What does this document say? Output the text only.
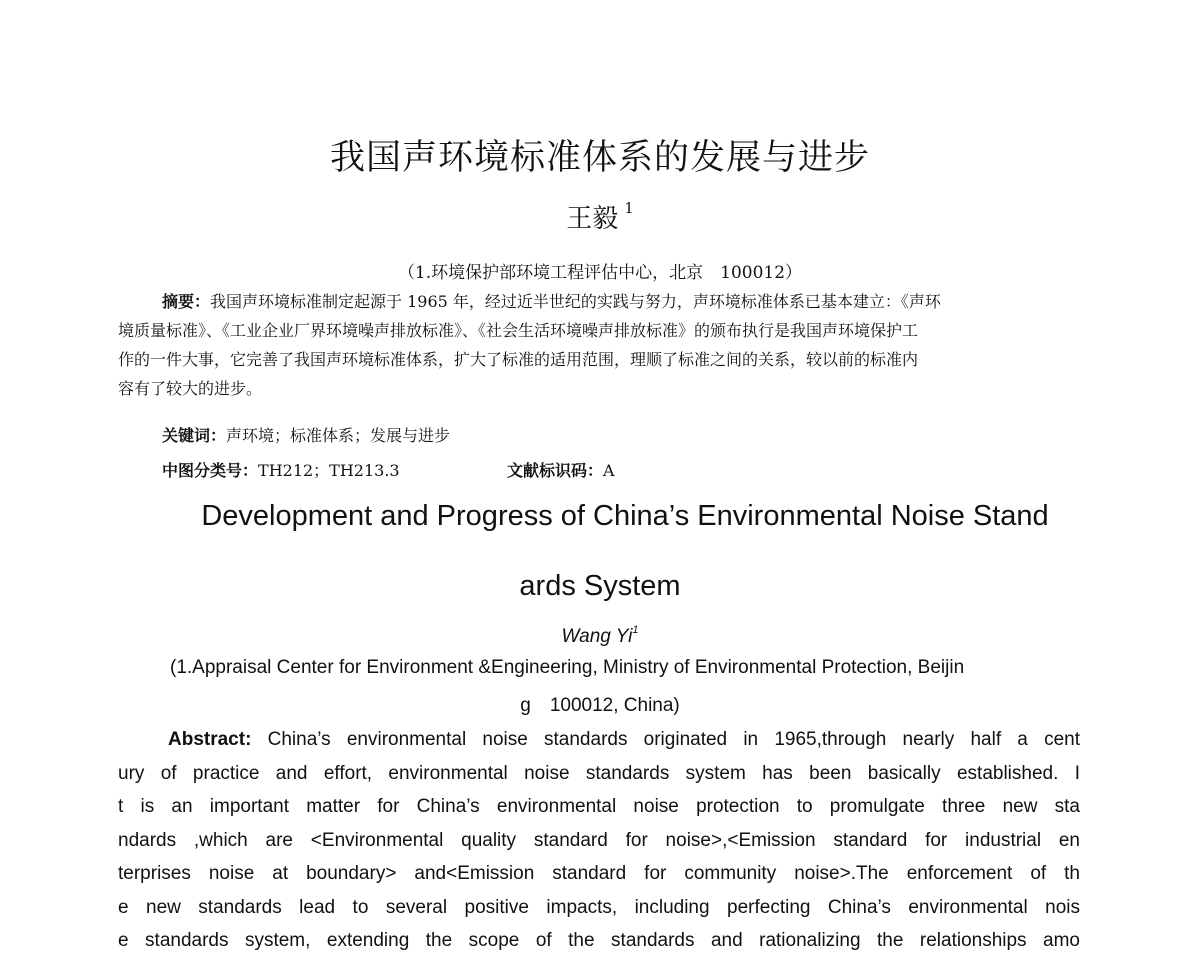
我国声环境标准体系的发展与进步
王毅 $^1$
（1.环境保护部环境工程评估中心，北京　100012）
摘要：我国声环境标准制定起源于 1965 年，经过近半世纪的实践与努力，声环境标准体系已基本建立：《声环
境质量标准》、《工业企业厂界环境噪声排放标准》、《社会生活环境噪声排放标准》的颁布执行是我国声环境保护工
作的一件大事，它完善了我国声环境标准体系，扩大了标准的适用范围，理顺了标准之间的关系，较以前的标准内
容有了较大的进步。
关键词：声环境；标准体系；发展与进步
中图分类号：TH212；TH213.3	文献标识码：A
Development and Progress of China’s Environmental Noise Stand
ards System
Wang Yi$^1$
(1.Appraisal Center for Environment &Engineering, Ministry of Environmental Protection, Beijin
g　100012, China)
Abstract: China’s environmental noise standards originated in 1965,through nearly half a cent
ury of practice and effort, environmental noise standards system has been basically established. I
t is an important matter for China’s environmental noise protection to promulgate three new sta
ndards ,which are <Environmental quality standard for noise>,<Emission standard for industrial en
terprises noise at boundary> and<Emission standard for community noise>.The enforcement of th
e new standards lead to several positive impacts, including perfecting China’s environmental nois
e standards system, extending the scope of the standards and rationalizing the relationships amo
